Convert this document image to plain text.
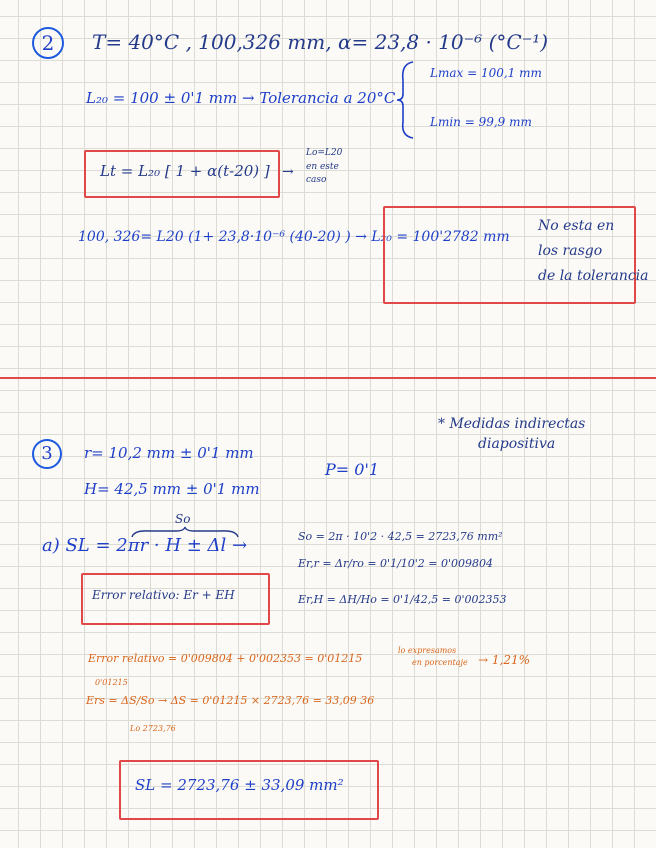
2	T= 40°C , 100,326 mm, α= 23,8 · 10⁻⁶ (°C⁻¹)
L₂₀ = 100 ± 0'1 mm → Tolerancia a 20°C
Lmax = 100,1 mm
Lmin = 99,9 mm
Lt = L₂₀ [ 1 + α(t-20) ] →
Lo=L20
en este
caso
100, 326= L20 (1+ 23,8·10⁻⁶ (40-20) ) → L₂₀ = 100'2782 mm
No esta en
los rasgo
de la tolerancia
3
* Medidas indirectas
diapositiva
r= 10,2 mm ± 0'1 mm
H= 42,5 mm ± 0'1 mm
P= 0'1
So
a) SL = 2πr · H ± Δl →	So = 2π · 10'2 · 42,5 = 2723,76 mm²
Er,r = Δr/ro = 0'1/10'2 = 0'009804
Er,H = ΔH/Ho = 0'1/42,5 = 0'002353
Error relativo: Er + EH
Error relativo = 0'009804 + 0'002353 = 0'01215
lo expresamos
en porcentaje → 1,21%
0'01215
Ers = ΔS/So → ΔS = 0'01215 × 2723,76 = 33,09 36
Lo 2723,76
SL = 2723,76 ± 33,09 mm²
